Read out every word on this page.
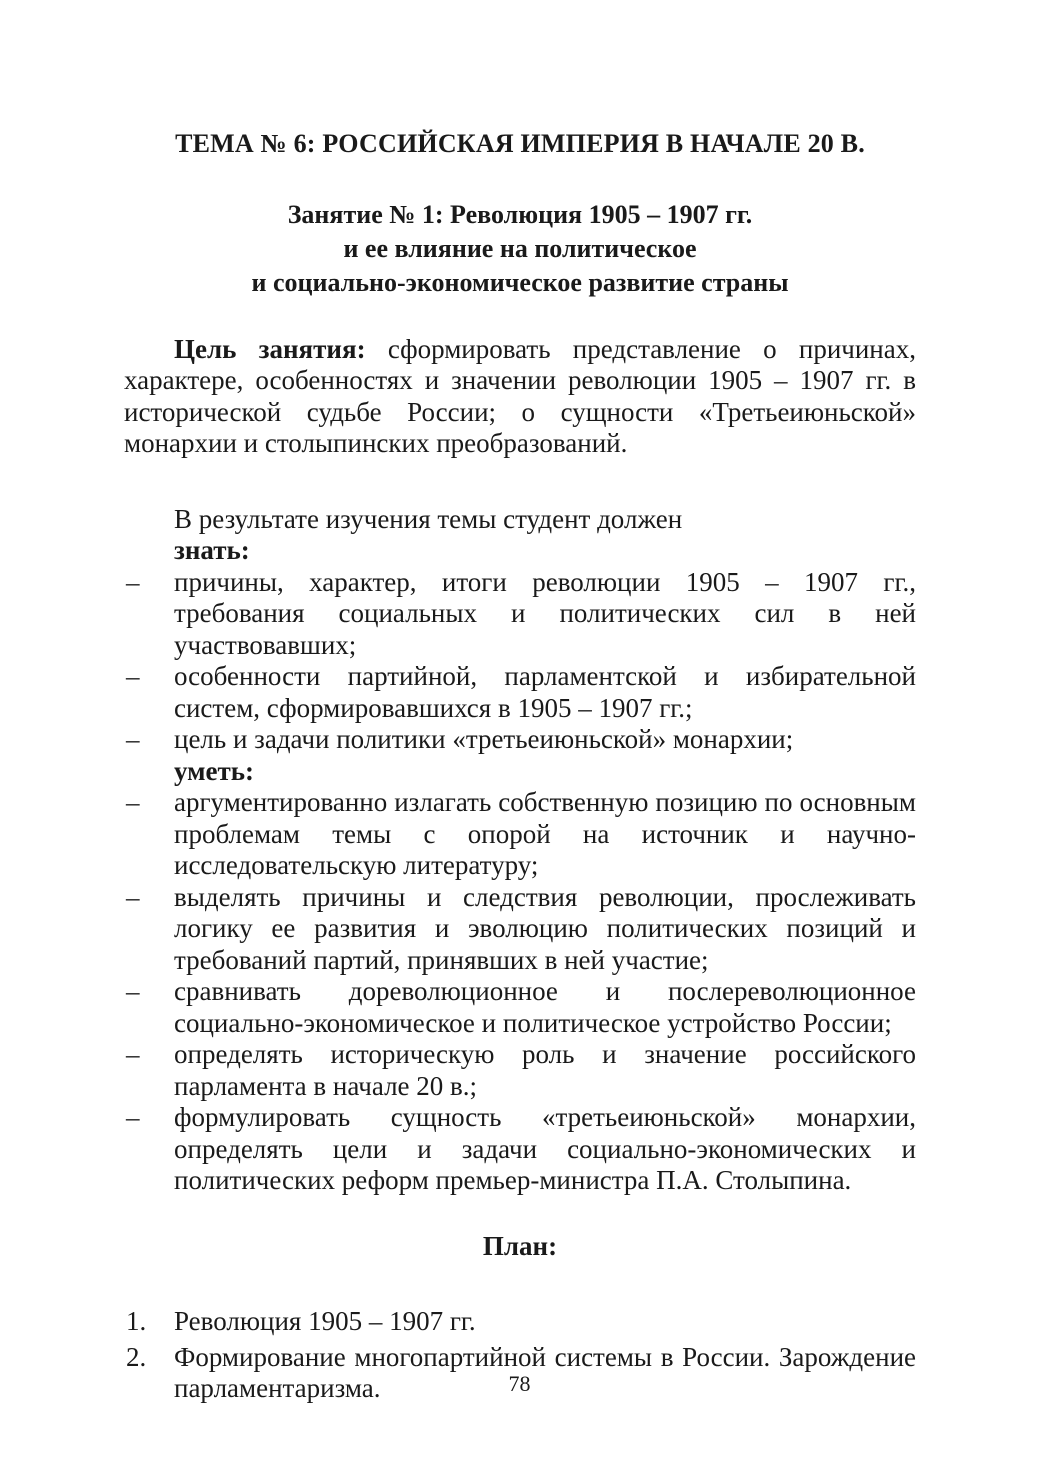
ТЕМА № 6: РОССИЙСКАЯ ИМПЕРИЯ В НАЧАЛЕ 20 В.
Занятие № 1: Революция 1905 – 1907 гг.
и ее влияние на политическое
и социально-экономическое развитие страны

Цель занятия: сформировать представление о причинах, характере, особенностях и значении революции 1905 – 1907 гг. в исторической судьбе России; о сущности «Третьеиюньской» монархии и столыпинских преобразований.

В результате изучения темы студент должен
знать:
– причины, характер, итоги революции 1905 – 1907 гг., требования социальных и политических сил в ней участвовавших;
– особенности партийной, парламентской и избирательной систем, сформировавшихся в 1905 – 1907 гг.;
– цель и задачи политики «третьеиюньской» монархии;
уметь:
– аргументированно излагать собственную позицию по основным проблемам темы с опорой на источник и научно-исследовательскую литературу;
– выделять причины и следствия революции, прослеживать логику ее развития и эволюцию политических позиций и требований партий, принявших в ней участие;
– сравнивать дореволюционное и послереволюционное социально-экономическое и политическое устройство России;
– определять историческую роль и значение российского парламента в начале 20 в.;
– формулировать сущность «третьеиюньской» монархии, определять цели и задачи социально-экономических и политических реформ премьер-министра П.А. Столыпина.
План:
1. Революция 1905 – 1907 гг.
2. Формирование многопартийной системы в России. Зарождение парламентаризма.	78
